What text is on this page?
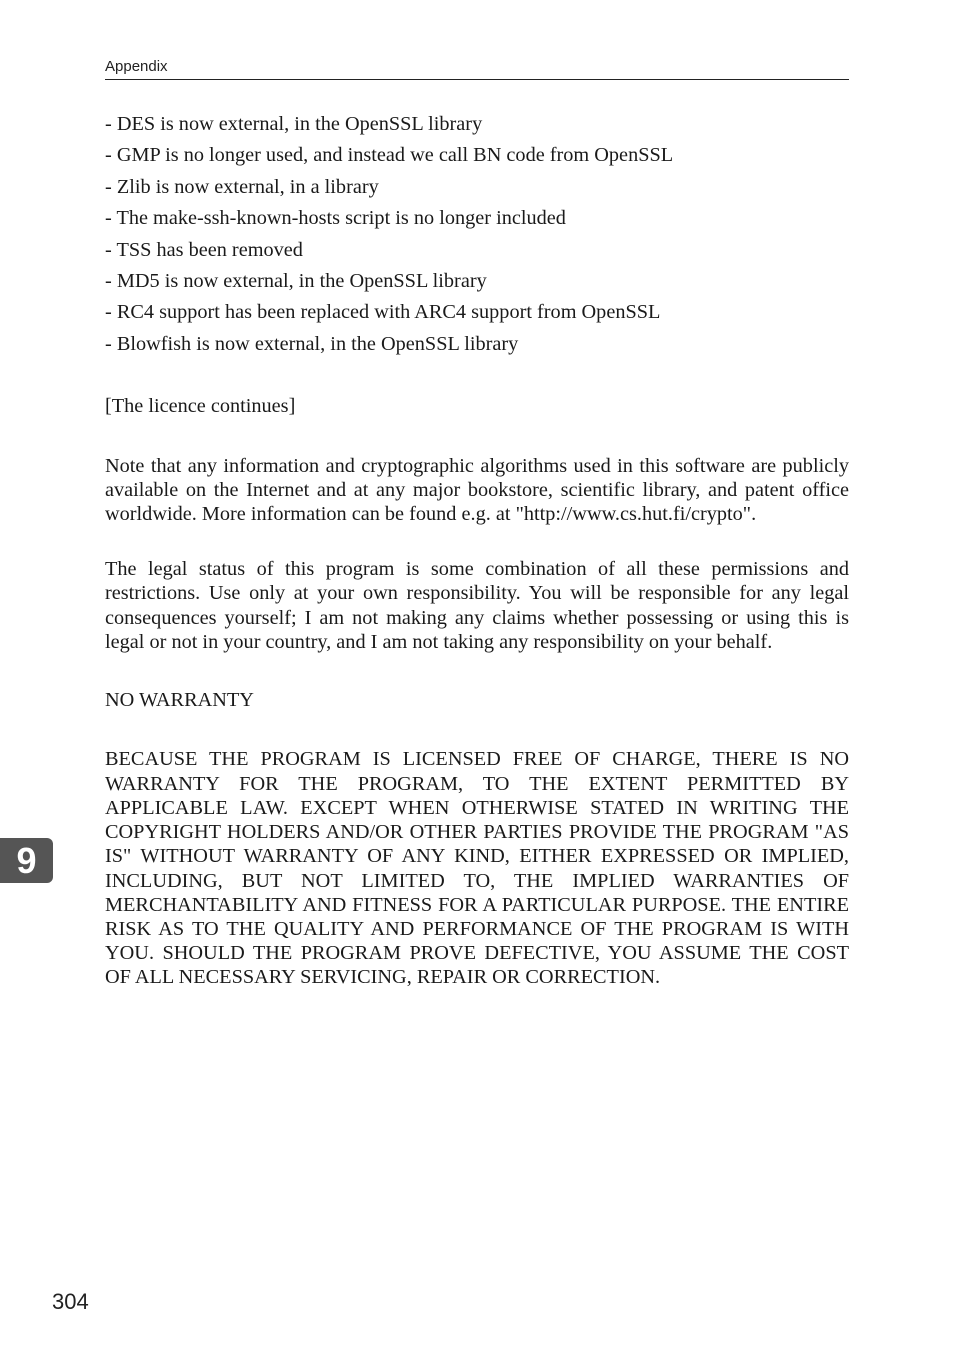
Appendix

- DES is now external, in the OpenSSL library

- GMP is no longer used, and instead we call BN code from OpenSSL

- Zlib is now external, in a library

- The make-ssh-known-hosts script is no longer included

- TSS has been removed

- MD5 is now external, in the OpenSSL library

- RC4 support has been replaced with ARC4 support from OpenSSL

- Blowfish is now external, in the OpenSSL library

[The licence continues]

Note that any information and cryptographic algorithms used in this software are publicly available on the Internet and at any major bookstore, scientific library, and patent office worldwide. More information can be found e.g. at "http://www.cs.hut.fi/crypto".

The legal status of this program is some combination of all these permissions and restrictions. Use only at your own responsibility. You will be responsible for any legal consequences yourself; I am not making any claims whether possessing or using this is legal or not in your country, and I am not taking any responsibility on your behalf.

NO WARRANTY

BECAUSE THE PROGRAM IS LICENSED FREE OF CHARGE, THERE IS NO WARRANTY FOR THE PROGRAM, TO THE EXTENT PERMITTED BY APPLICABLE LAW. EXCEPT WHEN OTHERWISE STATED IN WRITING THE COPYRIGHT HOLDERS AND/OR OTHER PARTIES PROVIDE THE PROGRAM "AS IS" WITHOUT WARRANTY OF ANY KIND, EITHER EXPRESSED OR IMPLIED, INCLUDING, BUT NOT LIMITED TO, THE IMPLIED WARRANTIES OF MERCHANTABILITY AND FITNESS FOR A PARTICULAR PURPOSE. THE ENTIRE RISK AS TO THE QUALITY AND PERFORMANCE OF THE PROGRAM IS WITH YOU. SHOULD THE PROGRAM PROVE DEFECTIVE, YOU ASSUME THE COST OF ALL NECESSARY SERVICING, REPAIR OR CORRECTION.

9
304
